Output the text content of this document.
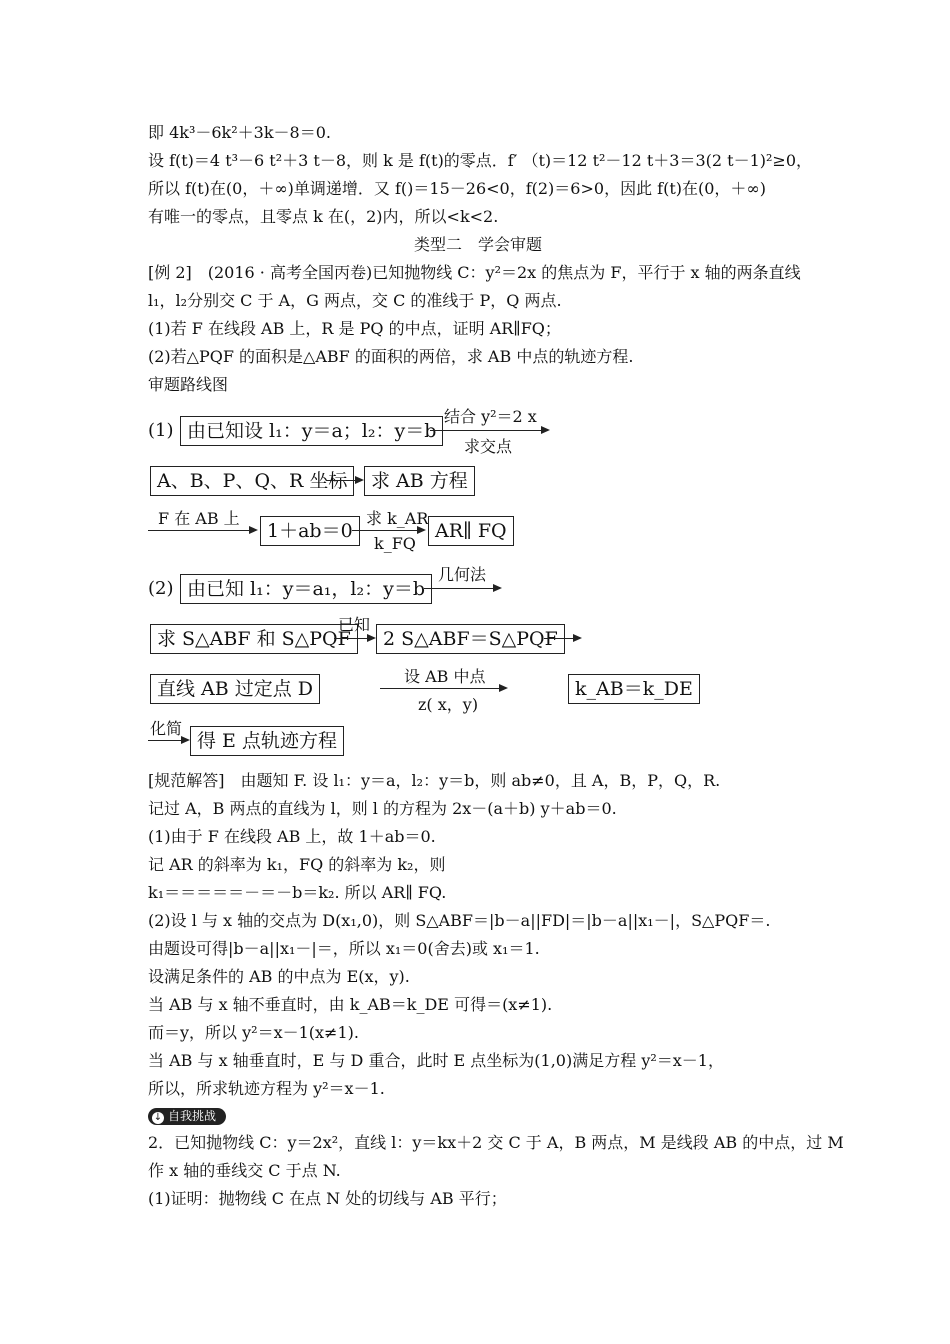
即 4k³－6k²＋3k－8＝0.
设 f(t)＝4 t³－6 t²＋3 t－8，则 k 是 f(t)的零点．f′ （t)＝12 t²－12 t＋3＝3(2 t－1)²≥0，
所以 f(t)在(0，＋∞)单调递增．又 f()＝15－26<0，f(2)＝6>0，因此 f(t)在(0，＋∞)
有唯一的零点，且零点 k 在(，2)内，所以<k<2.
类型二　学会审题
[例 2]　(2016 · 高考全国丙卷)已知抛物线 C：y²＝2x 的焦点为 F，平行于 x 轴的两条直线
l₁，l₂分别交 C 于 A，G 两点，交 C 的准线于 P，Q 两点.
(1)若 F 在线段 AB 上，R 是 PQ 的中点，证明 AR∥FQ；
(2)若△PQF 的面积是△ABF 的面积的两倍，求 AB 中点的轨迹方程.
审题路线图
(1) 由已知设 l₁：y＝a；l₂：y＝b
结合 y²＝2 x
求交点
A、B、P、Q、R 坐标	求 AB 方程
F 在 AB 上
1＋ab＝0
求 k_AR
k_FQ
AR∥ FQ
(2) 由已知 l₁：y＝a₁，l₂：y＝b
几何法
求 S△ABF 和 S△PQF
已知
2 S△ABF＝S△PQF
直线 AB 过定点 D
设 AB 中点
z( x，y)
k_AB＝k_DE
化简
得 E 点轨迹方程
[规范解答]　由题知 F. 设 l₁：y＝a，l₂：y＝b，则 ab≠0，且 A，B，P，Q，R.
记过 A，B 两点的直线为 l，则 l 的方程为 2x－(a＋b) y＋ab＝0.
(1)由于 F 在线段 AB 上，故 1＋ab＝0.
记 AR 的斜率为 k₁，FQ 的斜率为 k₂，则
k₁＝＝＝＝＝－＝－b＝k₂. 所以 AR∥ FQ.
(2)设 l 与 x 轴的交点为 D(x₁,0)，则 S△ABF＝|b－a||FD|＝|b－a||x₁－|，S△PQF＝.
由题设可得|b－a||x₁－|＝，所以 x₁＝0(舍去)或 x₁＝1.
设满足条件的 AB 的中点为 E(x，y).
当 AB 与 x 轴不垂直时，由 k_AB＝k_DE 可得＝(x≠1).
而＝y，所以 y²＝x－1(x≠1).
当 AB 与 x 轴垂直时，E 与 D 重合，此时 E 点坐标为(1,0)满足方程 y²＝x－1，
所以，所求轨迹方程为 y²＝x－1.
↓ 自我挑战
2．已知抛物线 C：y＝2x²，直线 l：y＝kx＋2 交 C 于 A，B 两点，M 是线段 AB 的中点，过 M
作 x 轴的垂线交 C 于点 N.
(1)证明：抛物线 C 在点 N 处的切线与 AB 平行；
